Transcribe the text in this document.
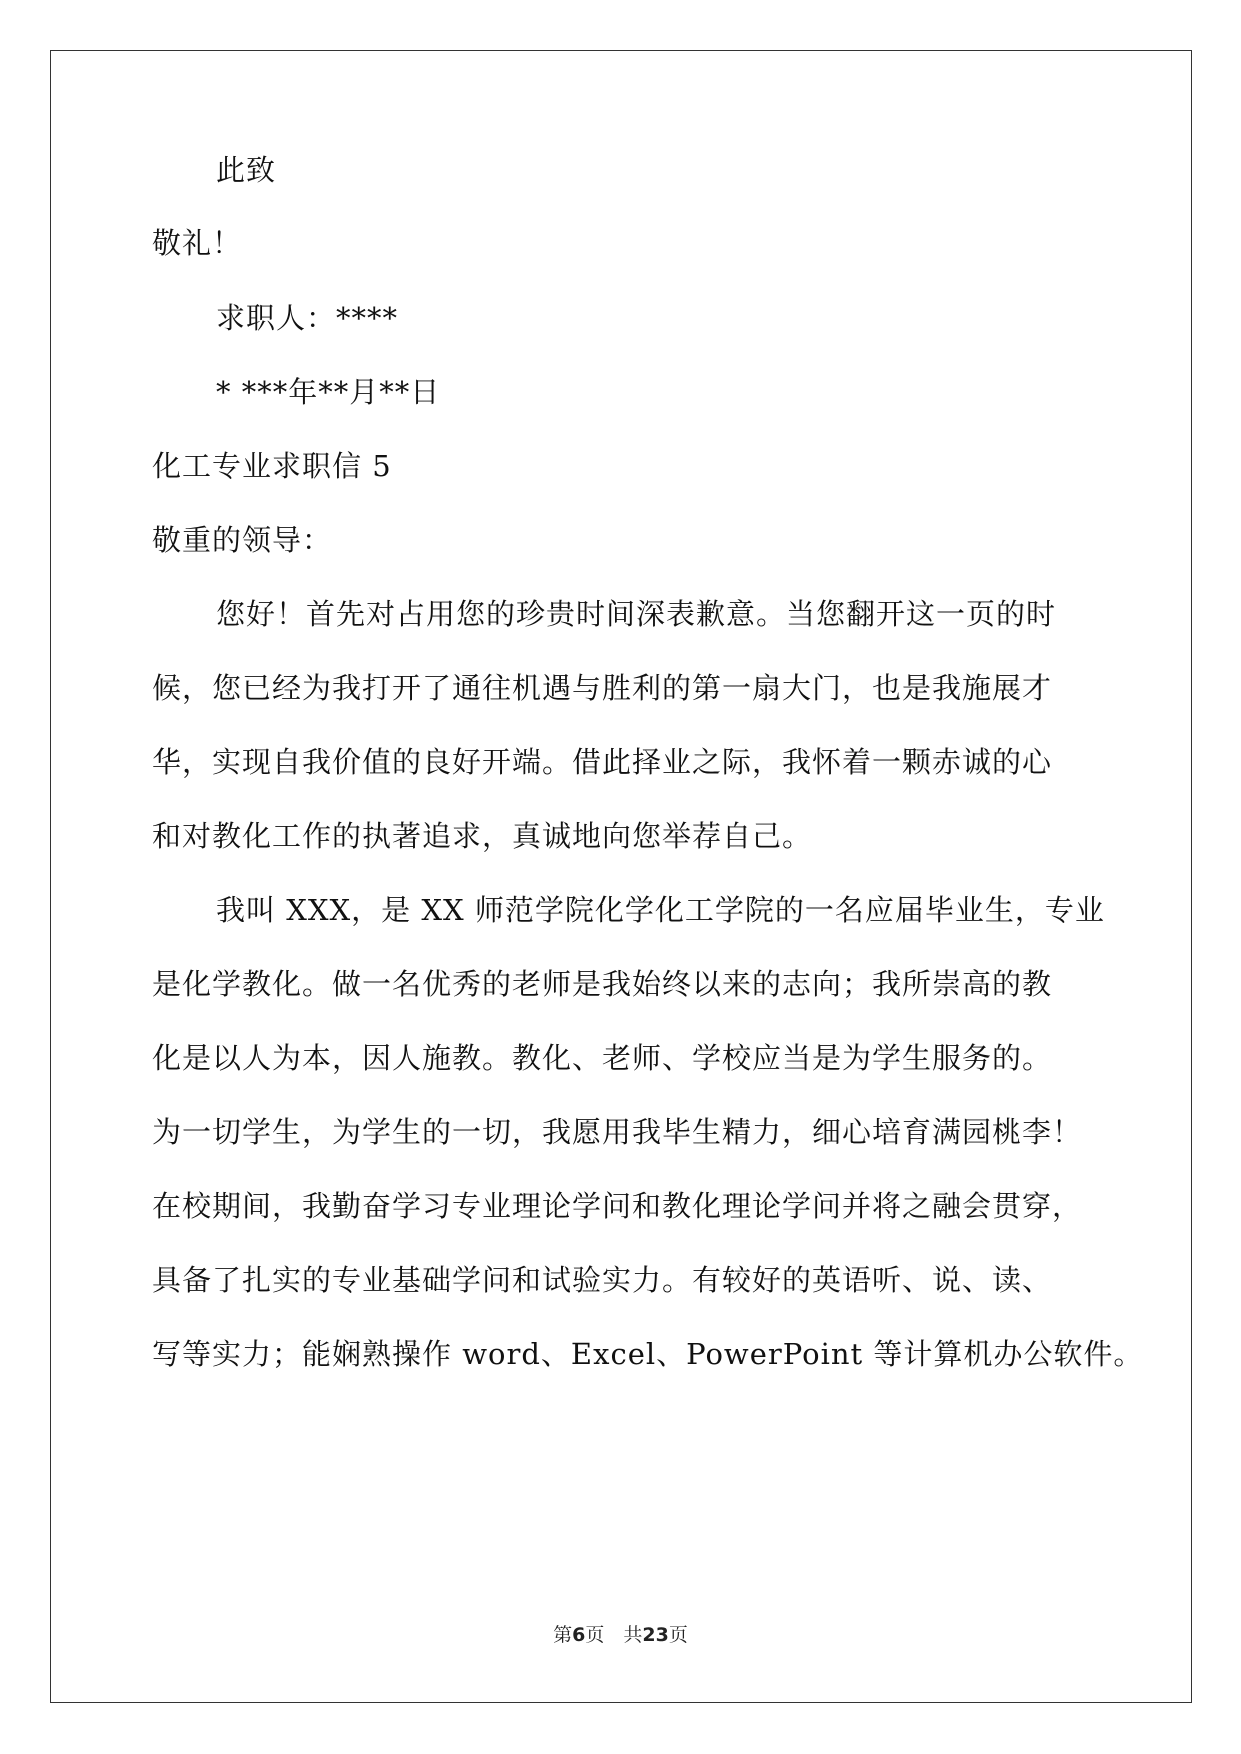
此致
敬礼！
求职人：****
* ***年**月**日
化工专业求职信 5
敬重的领导：
您好！首先对占用您的珍贵时间深表歉意。当您翻开这一页的时
候，您已经为我打开了通往机遇与胜利的第一扇大门，也是我施展才
华，实现自我价值的良好开端。借此择业之际，我怀着一颗赤诚的心
和对教化工作的执著追求，真诚地向您举荐自己。
我叫 XXX，是 XX 师范学院化学化工学院的一名应届毕业生，专业
是化学教化。做一名优秀的老师是我始终以来的志向；我所崇高的教
化是以人为本，因人施教。教化、老师、学校应当是为学生服务的。
为一切学生，为学生的一切，我愿用我毕生精力，细心培育满园桃李！
在校期间，我勤奋学习专业理论学问和教化理论学问并将之融会贯穿，
具备了扎实的专业基础学问和试验实力。有较好的英语听、说、读、
写等实力；能娴熟操作 word、Excel、PowerPoint 等计算机办公软件。
第6页　共23页
